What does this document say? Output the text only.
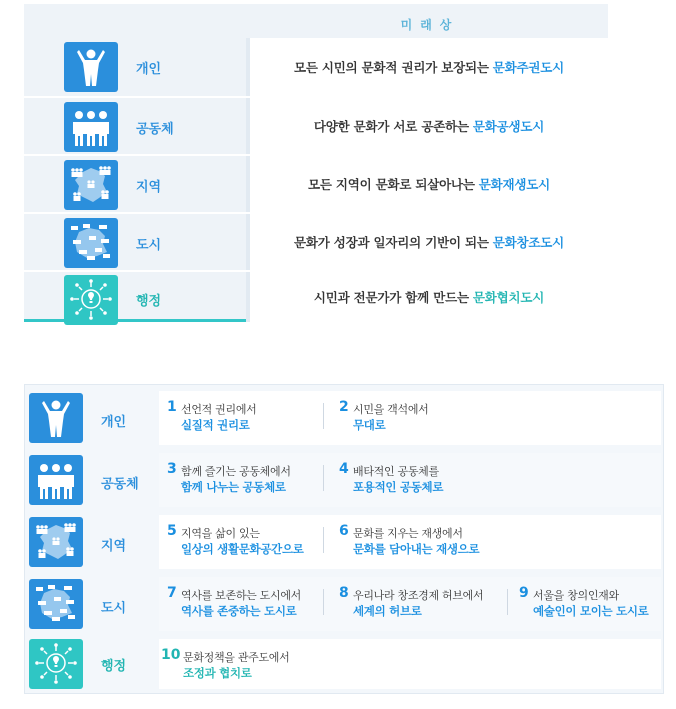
미래상
개인	모든 시민의 문화적 권리가 보장되는 문화주권도시
공동체	다양한 문화가 서로 공존하는 문화공생도시
지역	모든 지역이 문화로 되살아나는 문화재생도시
도시	문화가 성장과 일자리의 기반이 되는 문화창조도시
행정	시민과 전문가가 함께 만드는 문화협치도시
개인
1 선언적 권리에서
실질적 권리로
2 시민을 객석에서
무대로
공동체
3 함께 즐기는 공동체에서
함께 나누는 공동체로
4 배타적인 공동체를
포용적인 공동체로
지역
5 지역을 삶이 있는
일상의 생활문화공간으로
6 문화를 지우는 재생에서
문화를 담아내는 재생으로
도시
7 역사를 보존하는 도시에서
역사를 존중하는 도시로
8 우리나라 창조경제 허브에서
세계의 허브로
9 서울을 창의인재와
예술인이 모이는 도시로
행정
10 문화정책을 관주도에서
조정과 협치로
